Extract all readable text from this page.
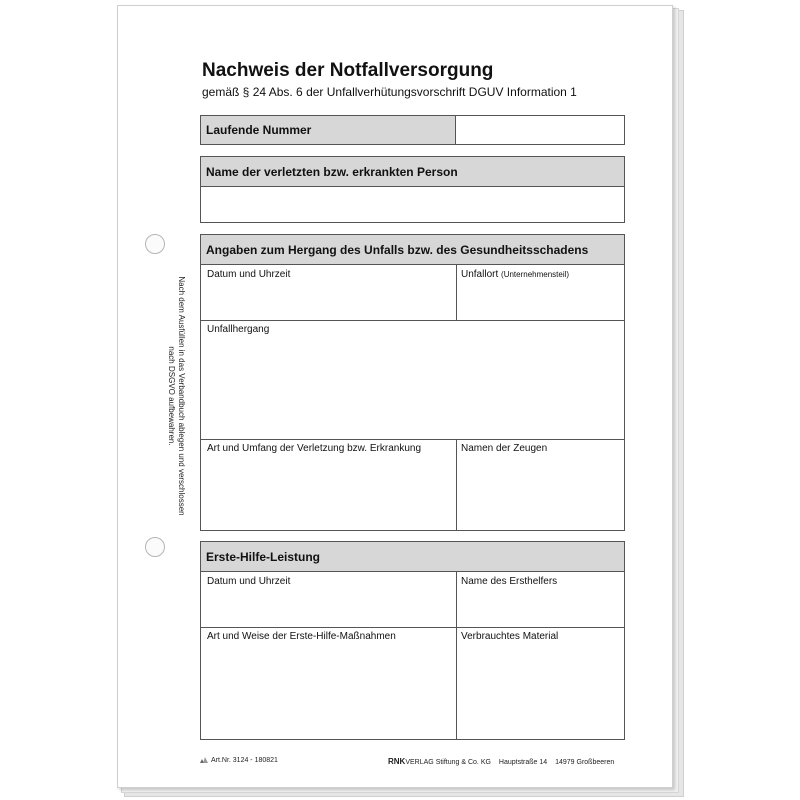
Nach dem Ausfüllen in das Verbandbuch ablegen und verschlossen nach DSGVO aufbewahren.
Nachweis der Notfallversorgung
gemäß § 24 Abs. 6 der Unfallverhütungsvorschrift DGUV Information 1
Laufende Nummer
Name der verletzten bzw. erkrankten Person
Angaben zum Hergang des Unfalls bzw. des Gesundheitsschadens
Datum und Uhrzeit	Unfallort (Unternehmensteil)
Unfallhergang
Art und Umfang der Verletzung bzw. Erkrankung	Namen der Zeugen
Erste-Hilfe-Leistung
Datum und Uhrzeit	Name des Ersthelfers
Art und Weise der Erste-Hilfe-Maßnahmen	Verbrauchtes Material
Art.Nr. 3124 - 180821	RNKVERLAG Stiftung & Co. KG Hauptstraße 14 14979 Großbeeren
